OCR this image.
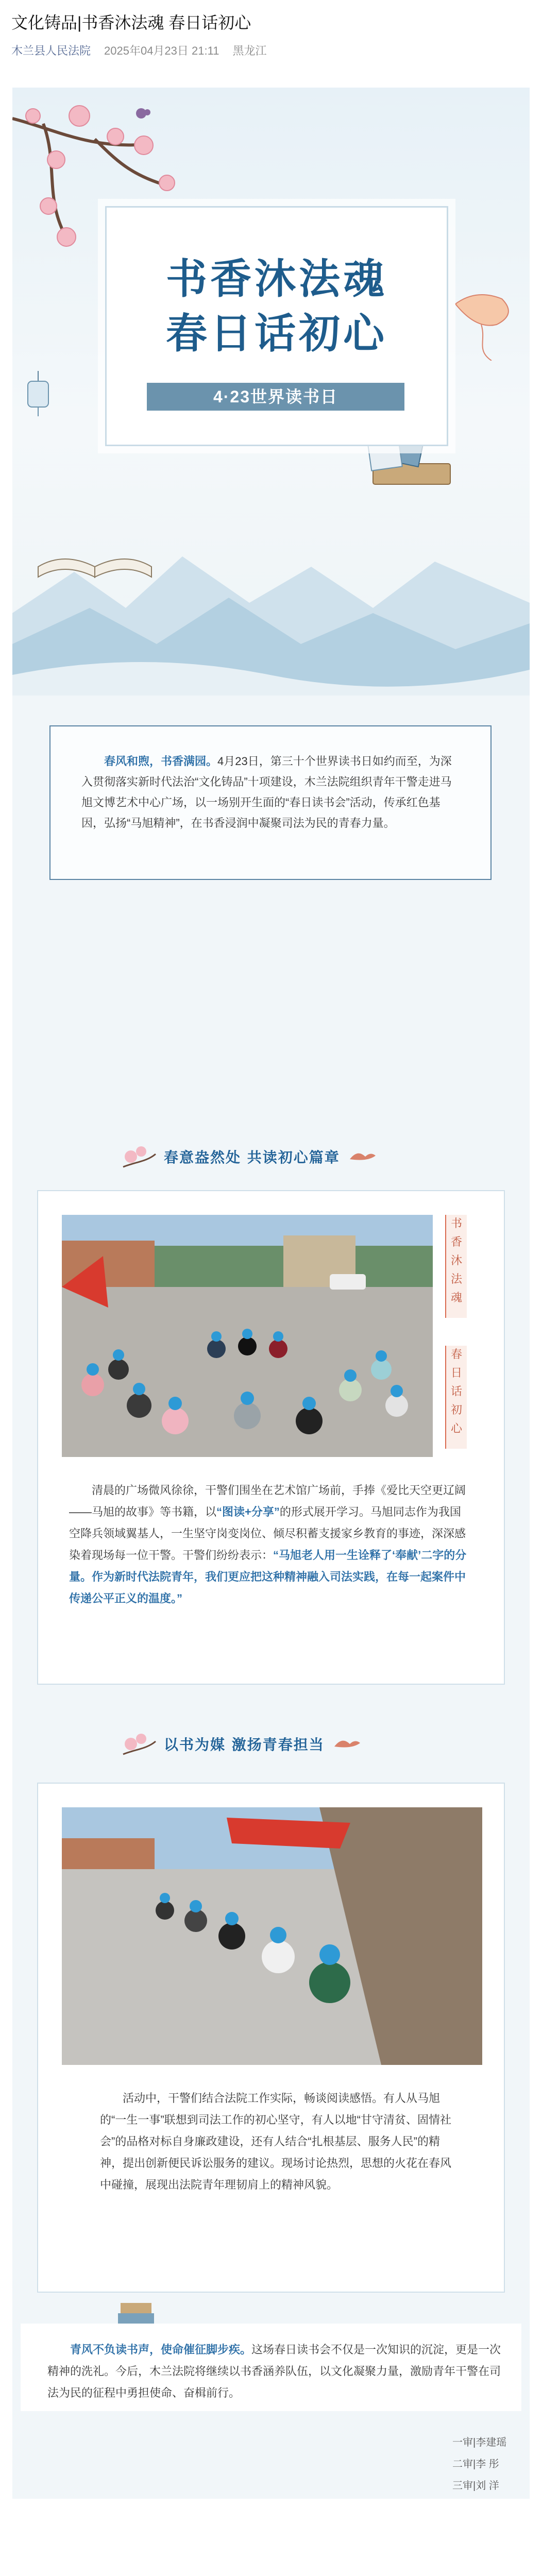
文化铸品|书香沐法魂 春日话初心
木兰县人民法院 2025年04月23日 21:11 黑龙江
书香沐法魂
春日话初心
4·23世界读书日

春风和煦，书香满园。4月23日，第三十个世界读书日如约而至，为深入贯彻落实新时代法治“文化铸品”十项建设，木兰法院组织青年干警走进马旭文博艺术中心广场，以一场别开生面的“春日读书会”活动，传承红色基因，弘扬“马旭精神”，在书香浸润中凝聚司法为民的青春力量。

春意盎然处 共读初心篇章
书香沐法魂
春日话初心

清晨的广场微风徐徐，干警们围坐在艺术馆广场前，手捧《爱比天空更辽阔——马旭的故事》等书籍，以“图读+分享”的形式展开学习。马旭同志作为我国空降兵领域翼基人，一生坚守岗变岗位、倾尽积蓄支援家乡教育的事迹，深深感染着现场每一位干警。干警们纷纷表示：“马旭老人用一生诠释了‘奉献’二字的分量。作为新时代法院青年，我们更应把这种精神融入司法实践，在每一起案件中传递公平正义的温度。”

以书为媒 激扬青春担当

活动中，干警们结合法院工作实际，畅谈阅读感悟。有人从马旭的“一生一事”联想到司法工作的初心坚守，有人以地“甘守清贫、固情社会”的品格对标自身廉政建设，还有人结合“扎根基层、服务人民”的精神，提出创新便民诉讼服务的建议。现场讨论热烈，思想的火花在春风中碰撞，展现出法院青年理韧肩上的精神风貌。

青风不负读书声，使命催征脚步疾。这场春日读书会不仅是一次知识的沉淀，更是一次精神的洗礼。今后，木兰法院将继续以书香涵养队伍，以文化凝聚力量，激励青年干警在司法为民的征程中勇担使命、奋楫前行。

一审|李建瑶
二审|李 彤
三审|刘 洋
